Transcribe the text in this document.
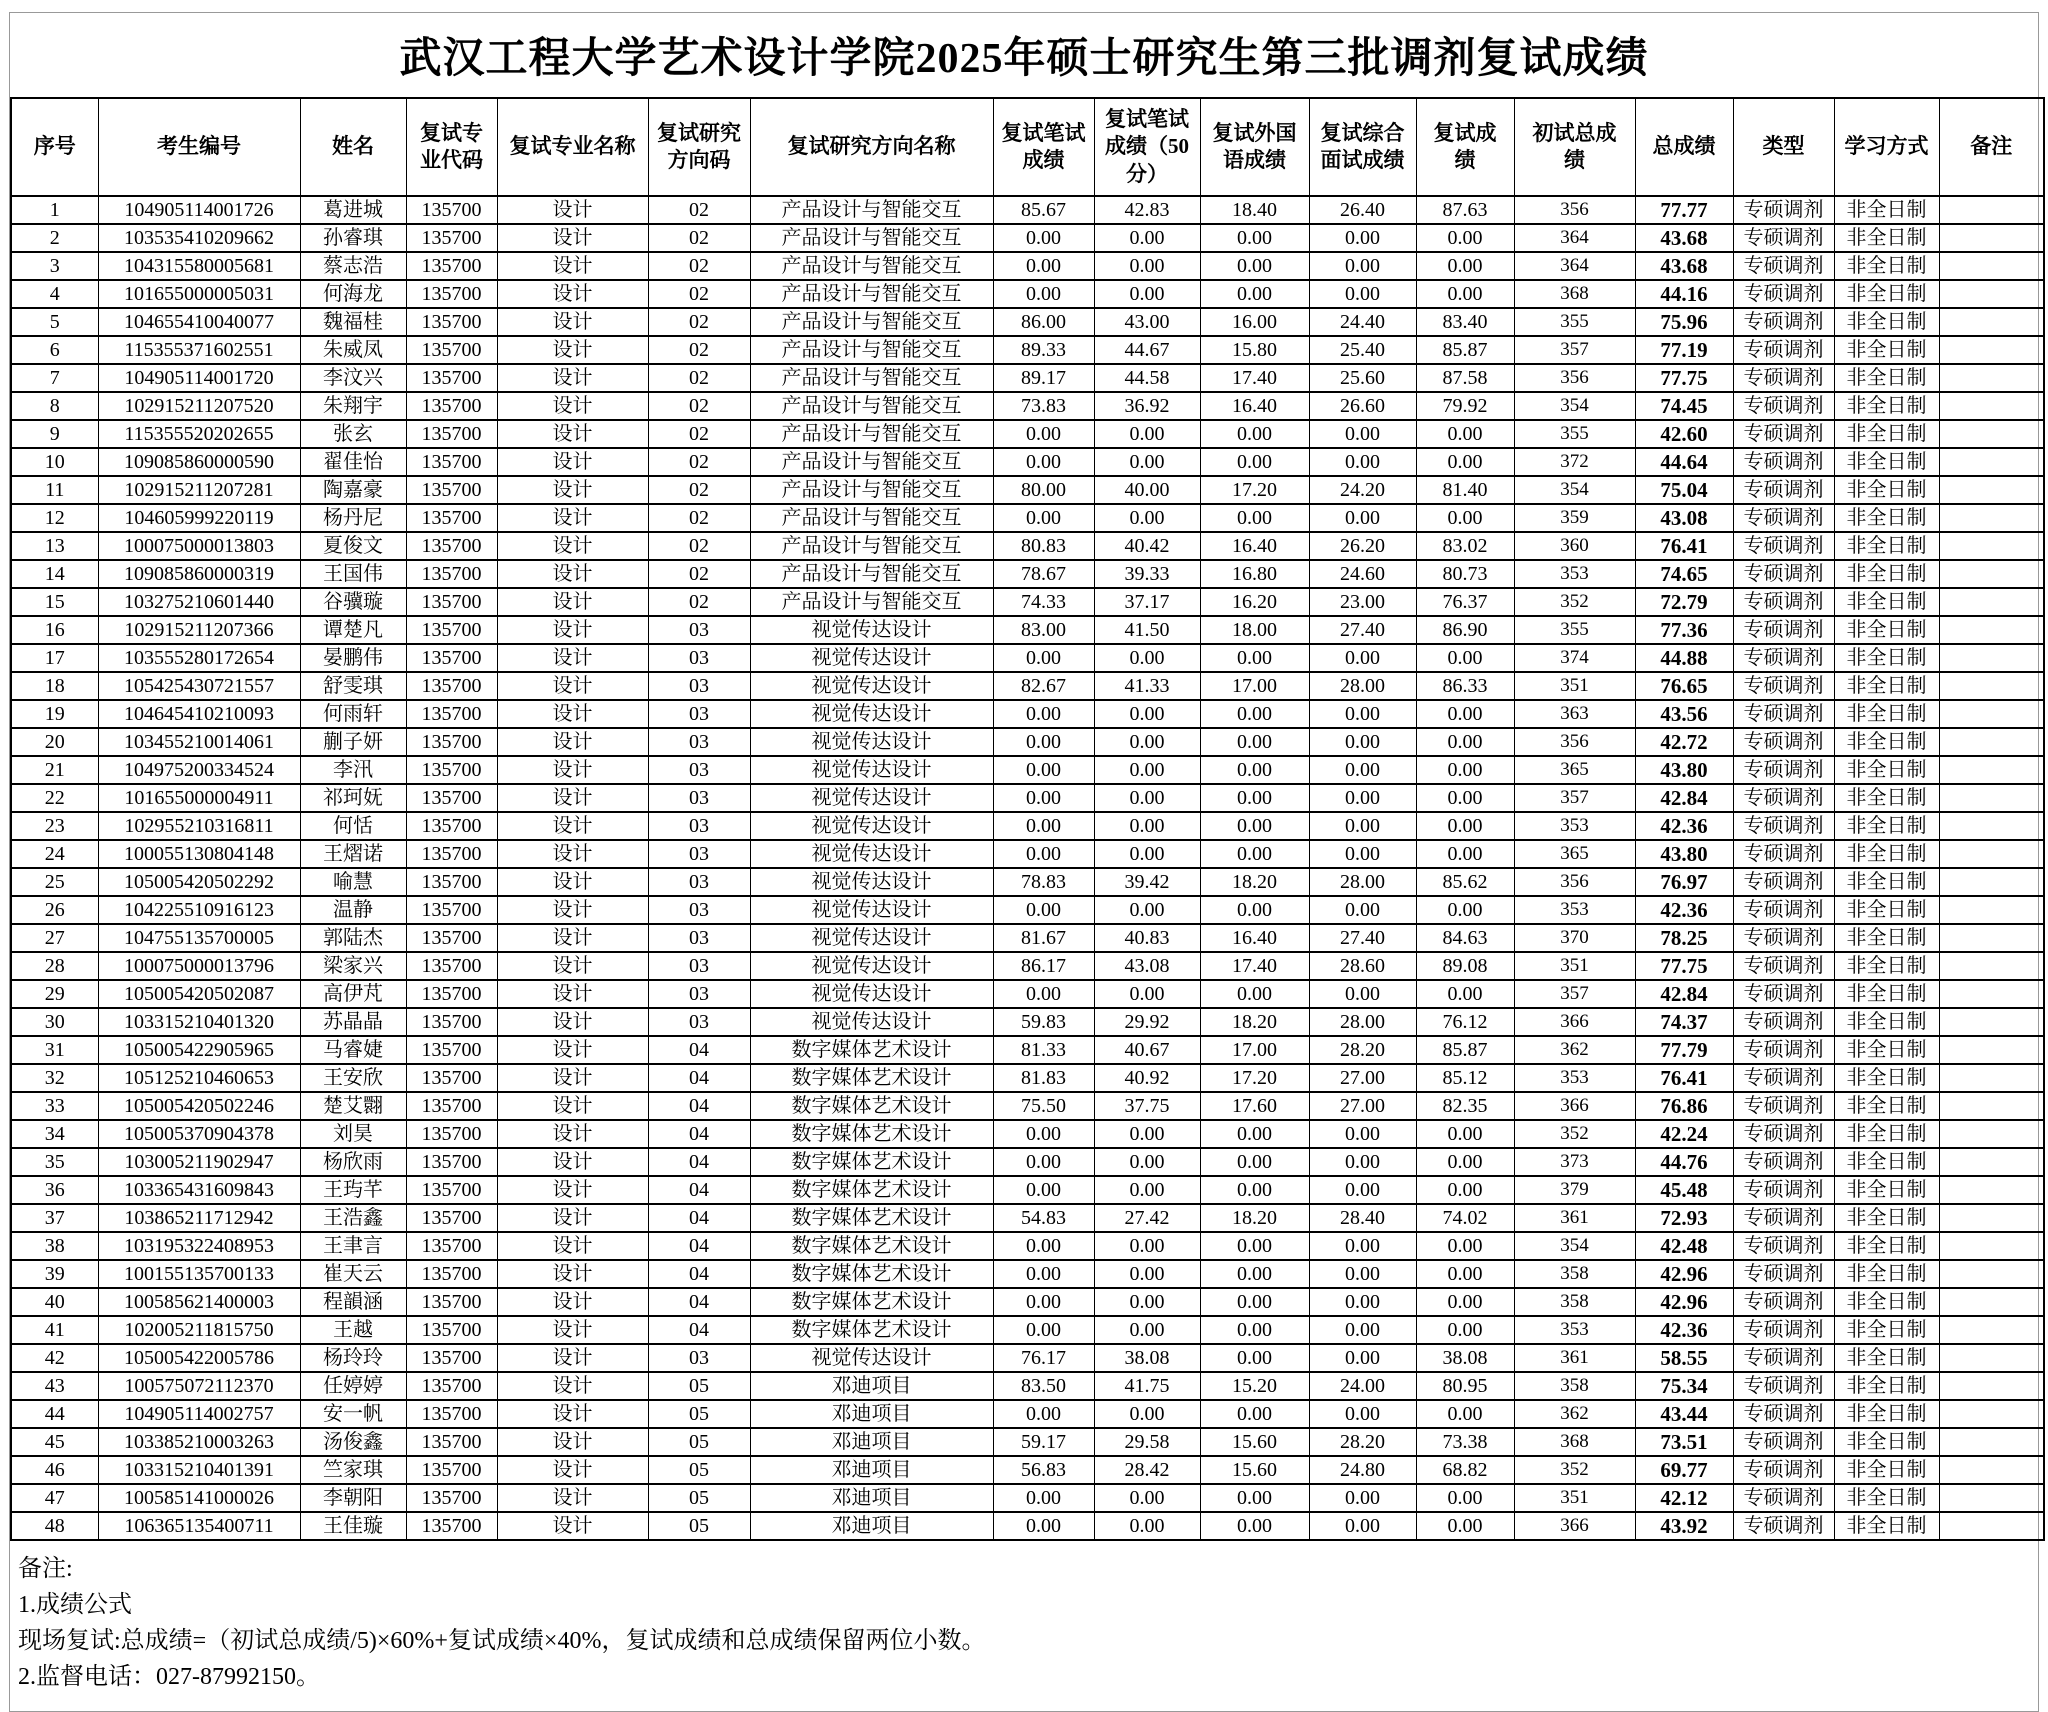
武汉工程大学艺术设计学院2025年硕士研究生第三批调剂复试成绩
序号	考生编号	姓名	复试专业代码	复试专业名称	复试研究方向码	复试研究方向名称	复试笔试成绩	复试笔试成绩（50分）	复试外国语成绩	复试综合面试成绩	复试成绩	初试总成绩	总成绩	类型	学习方式	备注
1	104905114001726	葛进城	135700	设计	02	产品设计与智能交互	85.67	42.83	18.40	26.40	87.63	356	77.77	专硕调剂	非全日制	
2	103535410209662	孙睿琪	135700	设计	02	产品设计与智能交互	0.00	0.00	0.00	0.00	0.00	364	43.68	专硕调剂	非全日制	
3	104315580005681	蔡志浩	135700	设计	02	产品设计与智能交互	0.00	0.00	0.00	0.00	0.00	364	43.68	专硕调剂	非全日制	
4	101655000005031	何海龙	135700	设计	02	产品设计与智能交互	0.00	0.00	0.00	0.00	0.00	368	44.16	专硕调剂	非全日制	
5	104655410040077	魏福桂	135700	设计	02	产品设计与智能交互	86.00	43.00	16.00	24.40	83.40	355	75.96	专硕调剂	非全日制	
6	115355371602551	朱威凤	135700	设计	02	产品设计与智能交互	89.33	44.67	15.80	25.40	85.87	357	77.19	专硕调剂	非全日制	
7	104905114001720	李汶兴	135700	设计	02	产品设计与智能交互	89.17	44.58	17.40	25.60	87.58	356	77.75	专硕调剂	非全日制	
8	102915211207520	朱翔宇	135700	设计	02	产品设计与智能交互	73.83	36.92	16.40	26.60	79.92	354	74.45	专硕调剂	非全日制	
9	115355520202655	张玄	135700	设计	02	产品设计与智能交互	0.00	0.00	0.00	0.00	0.00	355	42.60	专硕调剂	非全日制	
10	109085860000590	翟佳怡	135700	设计	02	产品设计与智能交互	0.00	0.00	0.00	0.00	0.00	372	44.64	专硕调剂	非全日制	
11	102915211207281	陶嘉豪	135700	设计	02	产品设计与智能交互	80.00	40.00	17.20	24.20	81.40	354	75.04	专硕调剂	非全日制	
12	104605999220119	杨丹尼	135700	设计	02	产品设计与智能交互	0.00	0.00	0.00	0.00	0.00	359	43.08	专硕调剂	非全日制	
13	100075000013803	夏俊文	135700	设计	02	产品设计与智能交互	80.83	40.42	16.40	26.20	83.02	360	76.41	专硕调剂	非全日制	
14	109085860000319	王国伟	135700	设计	02	产品设计与智能交互	78.67	39.33	16.80	24.60	80.73	353	74.65	专硕调剂	非全日制	
15	103275210601440	谷骥璇	135700	设计	02	产品设计与智能交互	74.33	37.17	16.20	23.00	76.37	352	72.79	专硕调剂	非全日制	
16	102915211207366	谭楚凡	135700	设计	03	视觉传达设计	83.00	41.50	18.00	27.40	86.90	355	77.36	专硕调剂	非全日制	
17	103555280172654	晏鹏伟	135700	设计	03	视觉传达设计	0.00	0.00	0.00	0.00	0.00	374	44.88	专硕调剂	非全日制	
18	105425430721557	舒雯琪	135700	设计	03	视觉传达设计	82.67	41.33	17.00	28.00	86.33	351	76.65	专硕调剂	非全日制	
19	104645410210093	何雨轩	135700	设计	03	视觉传达设计	0.00	0.00	0.00	0.00	0.00	363	43.56	专硕调剂	非全日制	
20	103455210014061	蒯子妍	135700	设计	03	视觉传达设计	0.00	0.00	0.00	0.00	0.00	356	42.72	专硕调剂	非全日制	
21	104975200334524	李汛	135700	设计	03	视觉传达设计	0.00	0.00	0.00	0.00	0.00	365	43.80	专硕调剂	非全日制	
22	101655000004911	祁珂妩	135700	设计	03	视觉传达设计	0.00	0.00	0.00	0.00	0.00	357	42.84	专硕调剂	非全日制	
23	102955210316811	何恬	135700	设计	03	视觉传达设计	0.00	0.00	0.00	0.00	0.00	353	42.36	专硕调剂	非全日制	
24	100055130804148	王熠诺	135700	设计	03	视觉传达设计	0.00	0.00	0.00	0.00	0.00	365	43.80	专硕调剂	非全日制	
25	105005420502292	喻慧	135700	设计	03	视觉传达设计	78.83	39.42	18.20	28.00	85.62	356	76.97	专硕调剂	非全日制	
26	104225510916123	温静	135700	设计	03	视觉传达设计	0.00	0.00	0.00	0.00	0.00	353	42.36	专硕调剂	非全日制	
27	104755135700005	郭陆杰	135700	设计	03	视觉传达设计	81.67	40.83	16.40	27.40	84.63	370	78.25	专硕调剂	非全日制	
28	100075000013796	梁家兴	135700	设计	03	视觉传达设计	86.17	43.08	17.40	28.60	89.08	351	77.75	专硕调剂	非全日制	
29	105005420502087	高伊芃	135700	设计	03	视觉传达设计	0.00	0.00	0.00	0.00	0.00	357	42.84	专硕调剂	非全日制	
30	103315210401320	苏晶晶	135700	设计	03	视觉传达设计	59.83	29.92	18.20	28.00	76.12	366	74.37	专硕调剂	非全日制	
31	105005422905965	马睿婕	135700	设计	04	数字媒体艺术设计	81.33	40.67	17.00	28.20	85.87	362	77.79	专硕调剂	非全日制	
32	105125210460653	王安欣	135700	设计	04	数字媒体艺术设计	81.83	40.92	17.20	27.00	85.12	353	76.41	专硕调剂	非全日制	
33	105005420502246	楚艾翾	135700	设计	04	数字媒体艺术设计	75.50	37.75	17.60	27.00	82.35	366	76.86	专硕调剂	非全日制	
34	105005370904378	刘昊	135700	设计	04	数字媒体艺术设计	0.00	0.00	0.00	0.00	0.00	352	42.24	专硕调剂	非全日制	
35	103005211902947	杨欣雨	135700	设计	04	数字媒体艺术设计	0.00	0.00	0.00	0.00	0.00	373	44.76	专硕调剂	非全日制	
36	103365431609843	王玙芊	135700	设计	04	数字媒体艺术设计	0.00	0.00	0.00	0.00	0.00	379	45.48	专硕调剂	非全日制	
37	103865211712942	王浩鑫	135700	设计	04	数字媒体艺术设计	54.83	27.42	18.20	28.40	74.02	361	72.93	专硕调剂	非全日制	
38	103195322408953	王聿言	135700	设计	04	数字媒体艺术设计	0.00	0.00	0.00	0.00	0.00	354	42.48	专硕调剂	非全日制	
39	100155135700133	崔天云	135700	设计	04	数字媒体艺术设计	0.00	0.00	0.00	0.00	0.00	358	42.96	专硕调剂	非全日制	
40	100585621400003	程韻涵	135700	设计	04	数字媒体艺术设计	0.00	0.00	0.00	0.00	0.00	358	42.96	专硕调剂	非全日制	
41	102005211815750	王越	135700	设计	04	数字媒体艺术设计	0.00	0.00	0.00	0.00	0.00	353	42.36	专硕调剂	非全日制	
42	105005422005786	杨玲玲	135700	设计	03	视觉传达设计	76.17	38.08	0.00	0.00	38.08	361	58.55	专硕调剂	非全日制	
43	100575072112370	任婷婷	135700	设计	05	邓迪项目	83.50	41.75	15.20	24.00	80.95	358	75.34	专硕调剂	非全日制	
44	104905114002757	安一帆	135700	设计	05	邓迪项目	0.00	0.00	0.00	0.00	0.00	362	43.44	专硕调剂	非全日制	
45	103385210003263	汤俊鑫	135700	设计	05	邓迪项目	59.17	29.58	15.60	28.20	73.38	368	73.51	专硕调剂	非全日制	
46	103315210401391	竺家琪	135700	设计	05	邓迪项目	56.83	28.42	15.60	24.80	68.82	352	69.77	专硕调剂	非全日制	
47	100585141000026	李朝阳	135700	设计	05	邓迪项目	0.00	0.00	0.00	0.00	0.00	351	42.12	专硕调剂	非全日制	
48	106365135400711	王佳璇	135700	设计	05	邓迪项目	0.00	0.00	0.00	0.00	0.00	366	43.92	专硕调剂	非全日制	
备注:
1.成绩公式
现场复试:总成绩=（初试总成绩/5)×60%+复试成绩×40%，复试成绩和总成绩保留两位小数。
2.监督电话：027-87992150。
